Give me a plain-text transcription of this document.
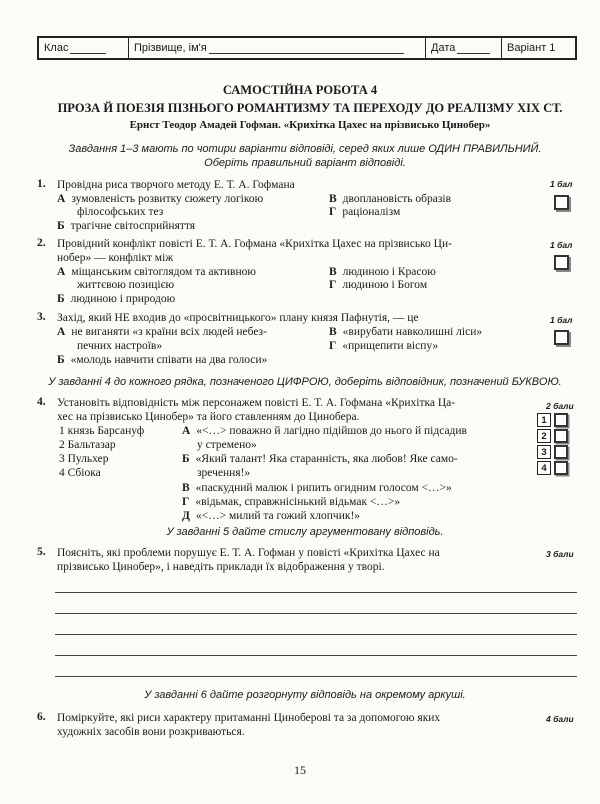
Клас	Прізвище, ім'я	Дата	Варіант 1
САМОСТІЙНА РОБОТА 4
ПРОЗА Й ПОЕЗІЯ ПІЗНЬОГО РОМАНТИЗМУ ТА ПЕРЕХОДУ ДО РЕАЛІЗМУ ХІХ СТ.
Ернст Теодор Амадей Гофман. «Крихітка Цахес на прізвисько Цинобер»
Завдання 1–3 мають по чотири варіанти відповіді, серед яких лише ОДИН ПРАВИЛЬНИЙ.
Оберіть правильний варіант відповіді.
1. Провідна риса творчого методу Е. Т. А. Гофмана
А зумовленість розвитку сюжету логікою
філософських тез
Б трагічне світосприйняття
В двоплановість образів
Г раціоналізм
1 бал
2. Провідний конфлікт повісті Е. Т. А. Гофмана «Крихітка Цахес на прізвисько Ци-
нобер» — конфлікт між
А міщанським світоглядом та активною
життєвою позицією
Б людиною і природою
В людиною і Красою
Г людиною і Богом
1 бал
3. Захід, який НЕ входив до «просвітницького» плану князя Пафнутія, — це
А не виганяти «з країни всіх людей небез-
печних настроїв»
Б «молодь навчити співати на два голоси»
В «вирубати навколишні ліси»
Г «прищепити віспу»
1 бал
У завданні 4 до кожного рядка, позначеного ЦИФРОЮ, доберіть відповідник, позначений БУКВОЮ.
4. Установіть відповідність між персонажем повісті Е. Т. А. Гофмана «Крихітка Ца-
хес на прізвисько Цинобер» та його ставленням до Цинобера.
1 князь Барсануф
2 Бальтазар
3 Пульхер
4 Сбіока
А «<…> поважно й лагідно підійшов до нього й підсадив
у стремено»
Б «Який талант! Яка старанність, яка любов! Яке само-
зречення!»
В «паскудний малюк і рипить огидним голосом <…>»
Г «відьмак, справжнісінький відьмак <…>»
Д «<…> милий та гожий хлопчик!»
2 бали
1
2
3
4
У завданні 5 дайте стислу аргументовану відповідь.
5. Поясніть, які проблеми порушує Е. Т. А. Гофман у повісті «Крихітка Цахес на
прізвисько Цинобер», і наведіть приклади їх відображення у творі.
3 бали
У завданні 6 дайте розгорнуту відповідь на окремому аркуші.
6. Поміркуйте, які риси характеру притаманні Циноберові та за допомогою яких
художніх засобів вони розкриваються.
4 бали
15
